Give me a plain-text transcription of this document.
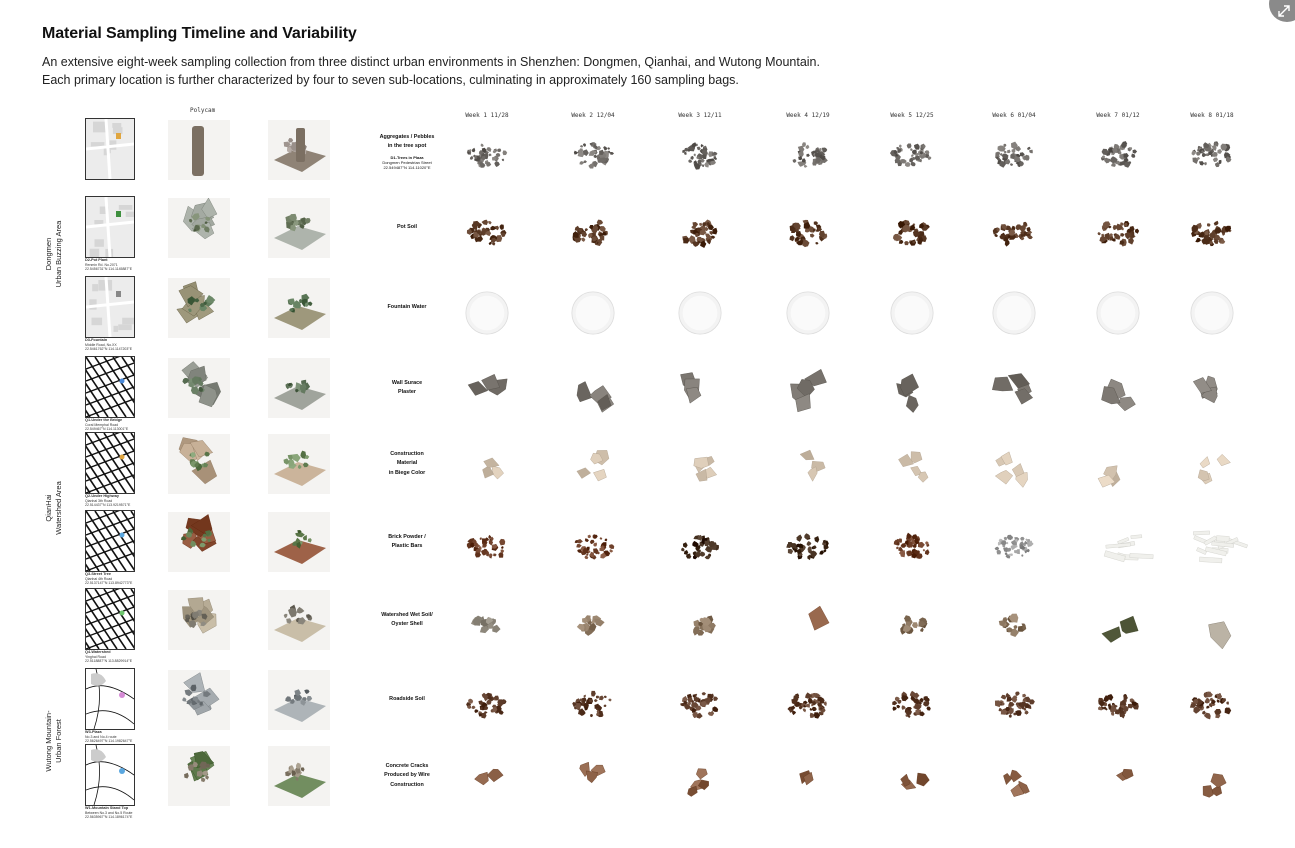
Material Sampling Timeline and Variability
An extensive eight-week sampling collection from three distinct urban environments in Shenzhen: Dongmen, Qianhai, and Wutong Mountain.
Each primary location is further characterized by four to seven sub-locations, culminating in approximately 160 sampling bags.
Polycam
Week 1 11/28	Week 2 12/04	Week 3 12/11	Week 4 12/19	Week 5 12/25	Week 6 01/04	Week 7 01/12	Week 8 01/18
Dongmen Urban Buzzing Area
QianHai Watershed Area
Wutong Mountain- Urban Forest
Aggregates / Pebbles
in the tree spot
D1-Trees in Plaza
Dongmen Pedestrian Street
22.549487°N 114.11020°E
D2-Pot Plant
Renmin Rd. No.2071
22.5456731°N 114.1145887°E
Pot Soil
D3-Fountain
Middle Road, No.XX
22.5461762°N 114.1147203°E
Fountain Water
Q1-Under the Bridge
Coral Memphal Road
22.549467°N 114.113001°E
Wall Surace
Plaster
Q2-Under Highway
Qianhai 3th Road
22.514437°N 113.9219571°E
Construction
Material
in Biege Color
Q3-Street Tree
Qianhai 4th Road
22.5137147°N 113.8942773°E
Brick Powder /
Plastic Bars
Q4-Watershed
Yinghai Road
22.5118887°N 113.8829914°E
Watershed Wet Soil/
Oyster Shell
W3-Plaza
No.3 and No.4 route
22.5626497°N 114.1982647°E
Roadside Soil
W1-Mountain Stand Top
Between No.3 and No.5 Route
22.5635967°N 114.1896174°E
Concrete Cracks
Produced by Wire
Construction
